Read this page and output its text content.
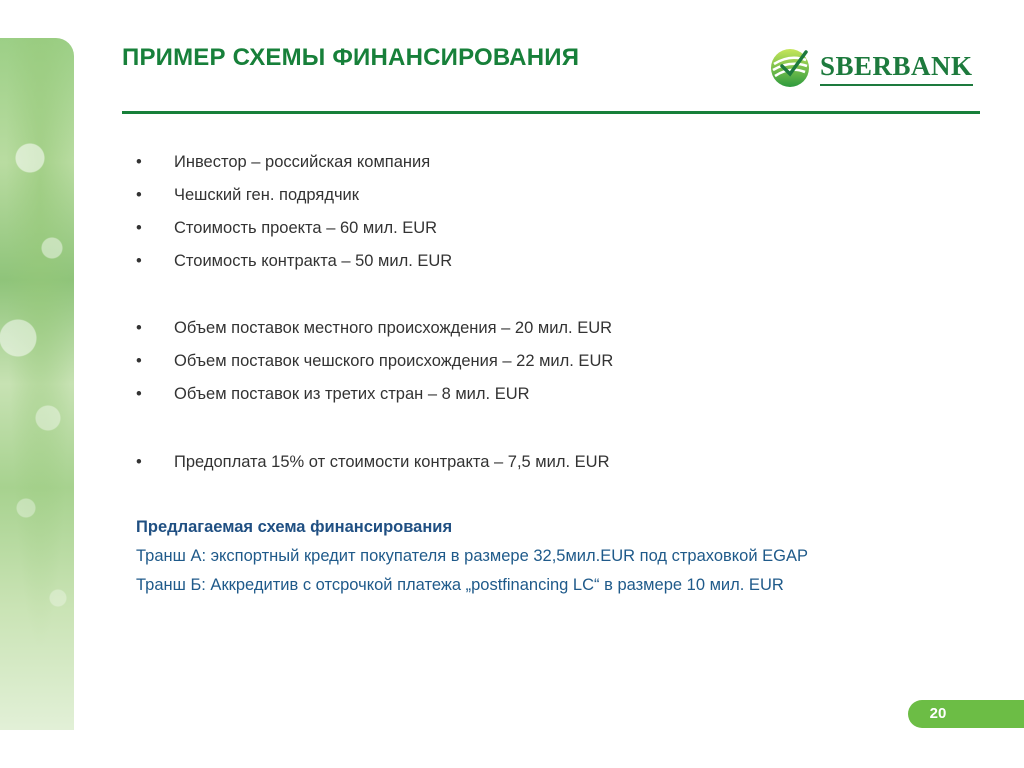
ПРИМЕР СХЕМЫ ФИНАНСИРОВАНИЯ	SBERBANK
• Инвестор – российская компания
• Чешский ген. подрядчик
• Стоимость проекта – 60 мил. EUR
• Стоимость контракта – 50 мил. EUR
• Объем поставок местного происхождения – 20 мил. EUR
• Объем поставок чешского происхождения – 22 мил. EUR
• Объем поставок из третих стран – 8 мил. EUR
• Предоплата 15% от стоимости контракта – 7,5 мил. EUR
Предлагаемая схема финансирования
Транш А: экспортный кредит покупателя в размере 32,5мил.EUR под страховкой EGAP
Транш Б: Аккредитив с отсрочкой платежа „postfinancing LC“ в размере 10 мил. EUR
20
